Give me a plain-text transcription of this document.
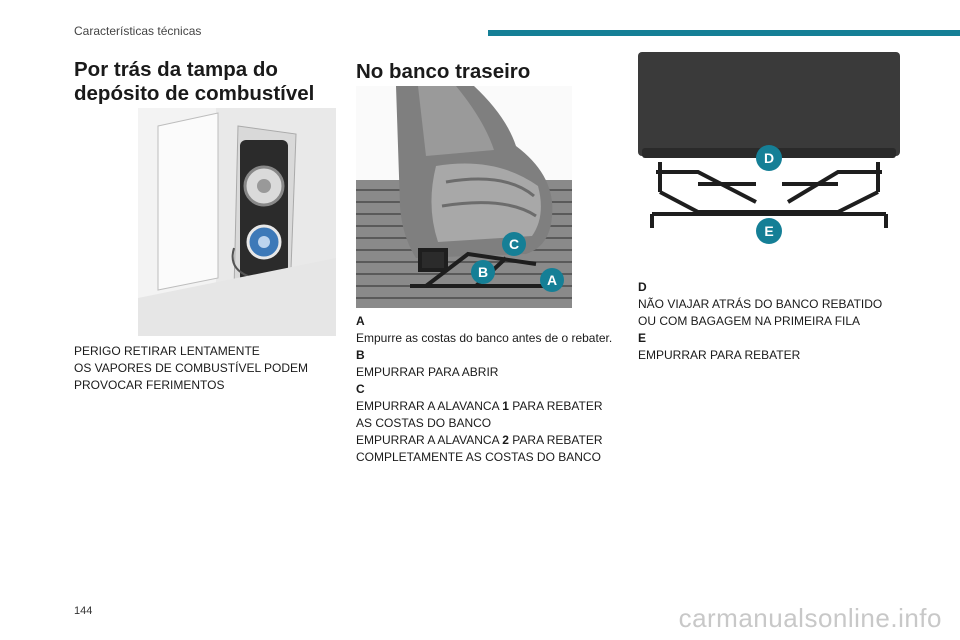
Características técnicas
Por trás da tampa do depósito de combustível

PERIGO RETIRAR LENTAMENTE

OS VAPORES DE COMBUSTÍVEL PODEM

PROVOCAR FERIMENTOS

No banco traseiro
C
B	A

A

Empurre as costas do banco antes de o rebater.

B

EMPURRAR PARA ABRIR

C

EMPURRAR A ALAVANCA 1 PARA REBATER

AS COSTAS DO BANCO

EMPURRAR A ALAVANCA 2 PARA REBATER

COMPLETAMENTE AS COSTAS DO BANCO

D
E

D

NÃO VIAJAR ATRÁS DO BANCO REBATIDO

OU COM BAGAGEM NA PRIMEIRA FILA

E

EMPURRAR PARA REBATER

144	carmanualsonline.info
